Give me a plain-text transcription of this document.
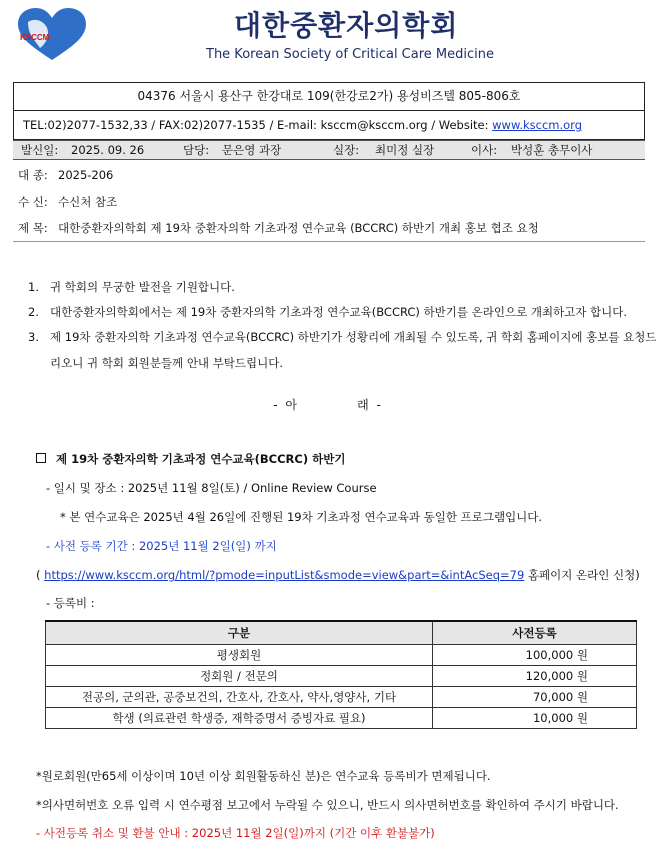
KSCCM	대한중환자의학회
The Korean Society of Critical Care Medicine
04376 서울시 용산구 한강대로 109(한강로2가) 용성비즈텔 805-806호
TEL:02)2077-1532,33 / FAX:02)2077-1535 / E-mail: ksccm@ksccm.org / Website: www.ksccm.org
발신일: 2025. 09. 26	담당: 문은영 과장	실장: 최미정 실장	이사: 박성훈 총무이사
대 종: 2025-206
수 신: 수신처 참조
제 목: 대한중환자의학회 제 19차 중환자의학 기초과정 연수교육 (BCCRC) 하반기 개최 홍보 협조 요청
1. 귀 학회의 무궁한 발전을 기원합니다.
2. 대한중환자의학회에서는 제 19차 중환자의학 기초과정 연수교육(BCCRC) 하반기를 온라인으로 개최하고자 합니다.
3. 제 19차 중환자의학 기초과정 연수교육(BCCRC) 하반기가 성황리에 개최될 수 있도록, 귀 학회 홈페이지에 홍보를 요청드
리오니 귀 학회 회원분들께 안내 부탁드립니다.
- 아          래 -
제 19차 중환자의학 기초과정 연수교육(BCCRC) 하반기
- 일시 및 장소 : 2025년 11월 8일(토) / Online Review Course
* 본 연수교육은 2025년 4월 26일에 진행된 19차 기초과정 연수교육과 동일한 프로그램입니다.
- 사전 등록 기간 : 2025년 11월 2일(일) 까지
( https://www.ksccm.org/html/?pmode=inputList&smode=view&part=&intAcSeq=79 홈페이지 온라인 신청)
- 등록비 :
구분	사전등록
평생회원	100,000 원
정회원 / 전문의	120,000 원
전공의, 군의관, 공중보건의, 간호사, 간호사, 약사,영양사, 기타	70,000 원
학생 (의료관련 학생증, 재학증명서 증빙자료 필요)	10,000 원
*원로회원(만65세 이상이며 10년 이상 회원활동하신 분)은 연수교육 등록비가 면제됩니다.
*의사면허번호 오류 입력 시 연수평점 보고에서 누락될 수 있으니, 반드시 의사면허번호를 확인하여 주시기 바랍니다.
- 사전등록 취소 및 환불 안내 : 2025년 11월 2일(일)까지 (기간 이후 환불불가)
